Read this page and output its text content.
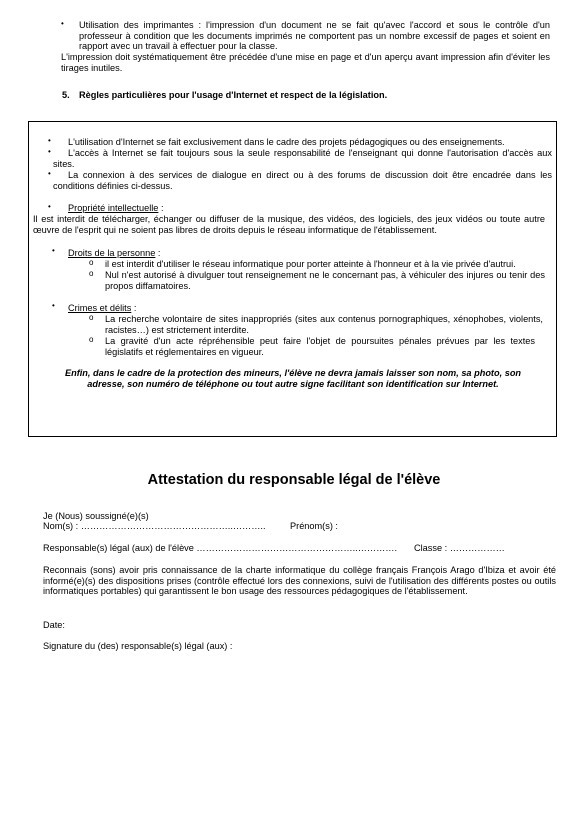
• Utilisation des imprimantes : l'impression d'un document ne se fait qu'avec l'accord et sous le contrôle d'un professeur à condition que les documents imprimés ne comportent pas un nombre excessif de pages et soient en rapport avec un travail à effectuer pour la classe.
L'impression doit systématiquement être précédée d'une mise en page et d'un aperçu avant impression afin d'éviter les tirages inutiles.
5. Règles particulières pour l'usage d'Internet et respect de la législation.
• L'utilisation d'Internet se fait exclusivement dans le cadre des projets pédagogiques ou des enseignements.
•	L'accès à Internet se fait toujours sous la seule responsabilité de l'enseignant qui donne l'autorisation d'accès aux sites.
•	La connexion à des services de dialogue en direct ou à des forums de discussion doit être encadrée dans les conditions définies ci-dessus.
• Propriété intellectuelle :
Il est interdit de télécharger, échanger ou diffuser de la musique, des vidéos, des logiciels, des jeux vidéos ou toute autre œuvre de l'esprit qui ne soient pas libres de droits depuis le réseau informatique de l'établissement.
• Droits de la personne :
o il est interdit d'utiliser le réseau informatique pour porter atteinte à l'honneur et à la vie privée d'autrui.
o Nul n'est autorisé à divulguer tout renseignement ne le concernant pas, à véhiculer des injures ou tenir des propos diffamatoires.
• Crimes et délits :
o La recherche volontaire de sites inappropriés (sites aux contenus pornographiques, xénophobes, violents, racistes…) est strictement interdite.
o La gravité d'un acte répréhensible peut faire l'objet de poursuites pénales prévues par les textes législatifs et réglementaires en vigueur.
Enfin, dans le cadre de la protection des mineurs, l'élève ne devra jamais laisser son nom, sa photo, son adresse, son numéro de téléphone ou tout autre signe facilitant son identification sur Internet.
Attestation du responsable légal de l'élève
Je (Nous) soussigné(e)(s)
Nom(s) : …………………………………………..………..	Prénom(s) :
Responsable(s) légal (aux) de l'élève ……………………………………………..…………. Classe : ………………
Reconnais (sons) avoir pris connaissance de la charte informatique du collège français François Arago d'Ibiza et avoir été informé(e)(s) des dispositions prises (contrôle effectué lors des connexions, suivi de l'utilisation des différents postes ou outils informatiques portables) qui garantissent le bon usage des ressources pédagogiques de l'établissement.
Date:
Signature du (des) responsable(s) légal (aux) :
